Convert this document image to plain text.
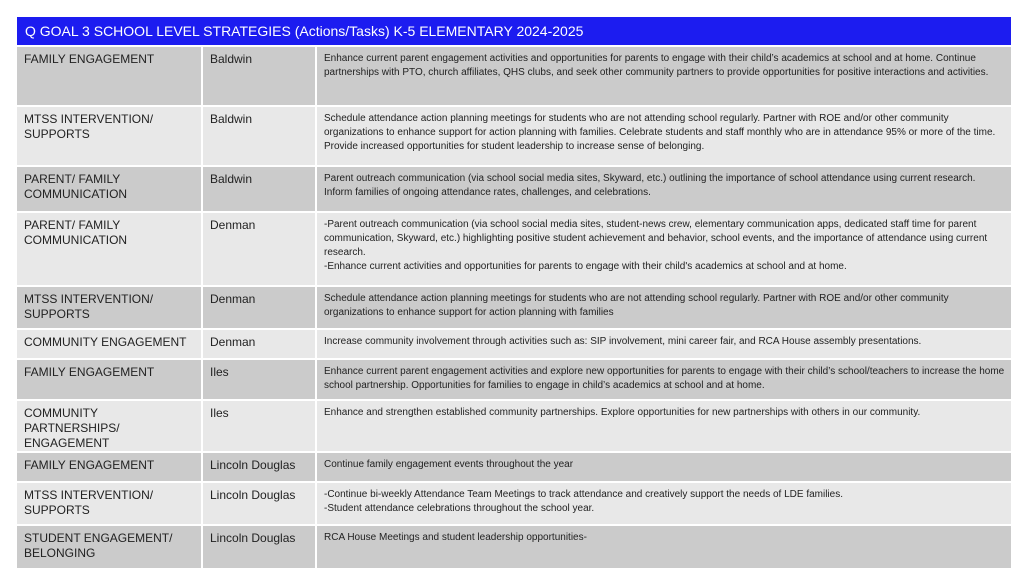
Q GOAL 3 SCHOOL LEVEL STRATEGIES (Actions/Tasks) K-5 ELEMENTARY 2024-2025
FAMILY ENGAGEMENT	Baldwin	Enhance current parent engagement activities and opportunities for parents to engage with their child’s academics at school and at home. Continue partnerships with PTO, church affiliates, QHS clubs, and seek other community partners to provide opportunities for positive interactions and activities.

MTSS INTERVENTION/ SUPPORTS	Baldwin	Schedule attendance action planning meetings for students who are not attending school regularly. Partner with ROE and/or other community organizations to enhance support for action planning with families. Celebrate students and staff monthly who are in attendance 95% or more of the time. Provide increased opportunities for student leadership to increase sense of belonging.

PARENT/ FAMILY COMMUNICATION	Baldwin	Parent outreach communication (via school social media sites, Skyward, etc.) outlining the importance of school attendance using current research. Inform families of ongoing attendance rates, challenges, and celebrations.

PARENT/ FAMILY COMMUNICATION	Denman	-Parent outreach communication (via school social media sites, student-news crew, elementary communication apps, dedicated staff time for parent communication, Skyward, etc.) highlighting positive student achievement and behavior, school events, and the importance of attendance using current research.
-Enhance current activities and opportunities for parents to engage with their child's academics at school and at home.

MTSS INTERVENTION/ SUPPORTS	Denman	Schedule attendance action planning meetings for students who are not attending school regularly. Partner with ROE and/or other community organizations to enhance support for action planning with families

COMMUNITY ENGAGEMENT	Denman	Increase community involvement through activities such as: SIP involvement, mini career fair, and RCA House assembly presentations.

FAMILY ENGAGEMENT	Iles	Enhance current parent engagement activities and explore new opportunities for parents to engage with their child’s school/teachers to increase the home school partnership. Opportunities for families to engage in child’s academics at school and at home.

COMMUNITY PARTNERSHIPS/ ENGAGEMENT	Iles	Enhance and strengthen established community partnerships. Explore opportunities for new partnerships with others in our community.

FAMILY ENGAGEMENT	Lincoln Douglas	Continue family engagement events throughout the year

MTSS INTERVENTION/ SUPPORTS	Lincoln Douglas	-Continue bi-weekly Attendance Team Meetings to track attendance and creatively support the needs of LDE families.
-Student attendance celebrations throughout the school year.

STUDENT ENGAGEMENT/ BELONGING	Lincoln Douglas	RCA House Meetings and student leadership opportunities-
